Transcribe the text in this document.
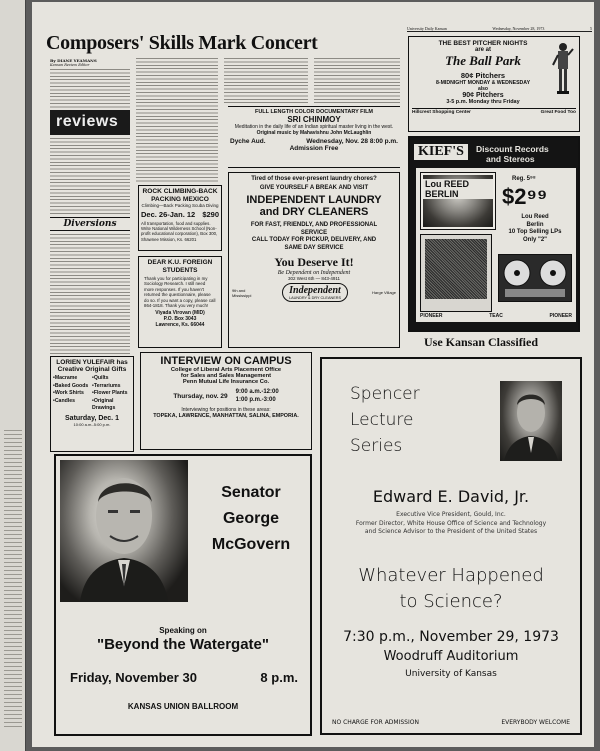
University Daily Kansan	Wednesday, November 28, 1973	5
Composers' Skills Mark Concert
By DIANE YEAMANS
Kansan Review Editor
reviews
Diversions
LORIEN YULEFAIR has
Creative Original Gifts
•Macrame	•Quilts
•Baked Goods •Terrariums
•Work Shirts	•Flower Plants
•Candles	•Original Drawings
Saturday, Dec. 1
10:00 a.m.-5:00 p.m.
ROCK CLIMBING-BACK PACKING MEXICO
Climbing—Back Packing Scuba Diving
Dec. 26-Jan. 12 $290
All transportation, food and supplies. Write National Wilderness School (Non-profit educational corporation), Box 300, Shawnee Mission, Ks. 66201
DEAR K.U. FOREIGN STUDENTS
Thank you for participating in my Sociology Research. I still need more responses. If you haven't returned the questionnaire, please do so. If you want a copy, please call 864-1818. Thank you very much!
Viyada Virovan (MID)
P.O. Box 3043
Lawrence, Ks. 66044
FULL LENGTH COLOR DOCUMENTARY FILM
SRI CHINMOY
Meditation in the daily life of an Indian spiritual master living in the west.
Original music by Mahavishnu John McLaughlin
Dyche Aud.	Wednesday, Nov. 28 8:00 p.m.
Admission Free
Tired of those ever-present laundry chores?
GIVE YOURSELF A BREAK AND VISIT
INDEPENDENT LAUNDRY
and DRY CLEANERS
FOR FAST, FRIENDLY, AND PROFESSIONAL SERVICE
CALL TODAY FOR PICKUP, DELIVERY, AND SAME DAY SERVICE
You Deserve It!
Be Dependent on Independent
302 West 6th — 843-4911
9th and Mississippi	Independent
LAUNDRY & DRY CLEANERS
Harge Village
THE BEST PITCHER NIGHTS
are at
The Ball Park
80¢ Pitchers
8-MIDNIGHT MONDAY & WEDNESDAY
also
90¢ Pitchers
3-5 p.m. Monday thru Friday
Hillcrest Shopping Center	Great Food Too
KIEF'S	Discount Records
and Stereos
Lou REED BERLIN
Reg. 5⁹⁸
$2⁹⁹
Lou Reed
Berlin
10 Top Selling LPs
Only "2"
PIONEER	TEAC	PIONEER
Use Kansan Classified
INTERVIEW ON CAMPUS
College of Liberal Arts Placement Office
for Sales and Sales Management
Penn Mutual Life Insurance Co.
Thursday, nov. 29
9:00 a.m.-12:00
1:00 p.m.-3:00
Interviewing for positions in these areas:
TOPEKA, LAWRENCE, MANHATTAN, SALINA, EMPORIA.
Senator
George
McGovern
Speaking on
"Beyond the Watergate"
Friday, November 30	8 p.m.
KANSAS UNION BALLROOM
Spencer
Lecture
Series
Edward E. David, Jr.
Executive Vice President, Gould, Inc.
Former Director, White House Office of Science and Technology
and Science Advisor to the President of the United States
Whatever Happened
to Science?
7:30 p.m., November 29, 1973
Woodruff Auditorium
University of Kansas
NO CHARGE FOR ADMISSION	EVERYBODY WELCOME
